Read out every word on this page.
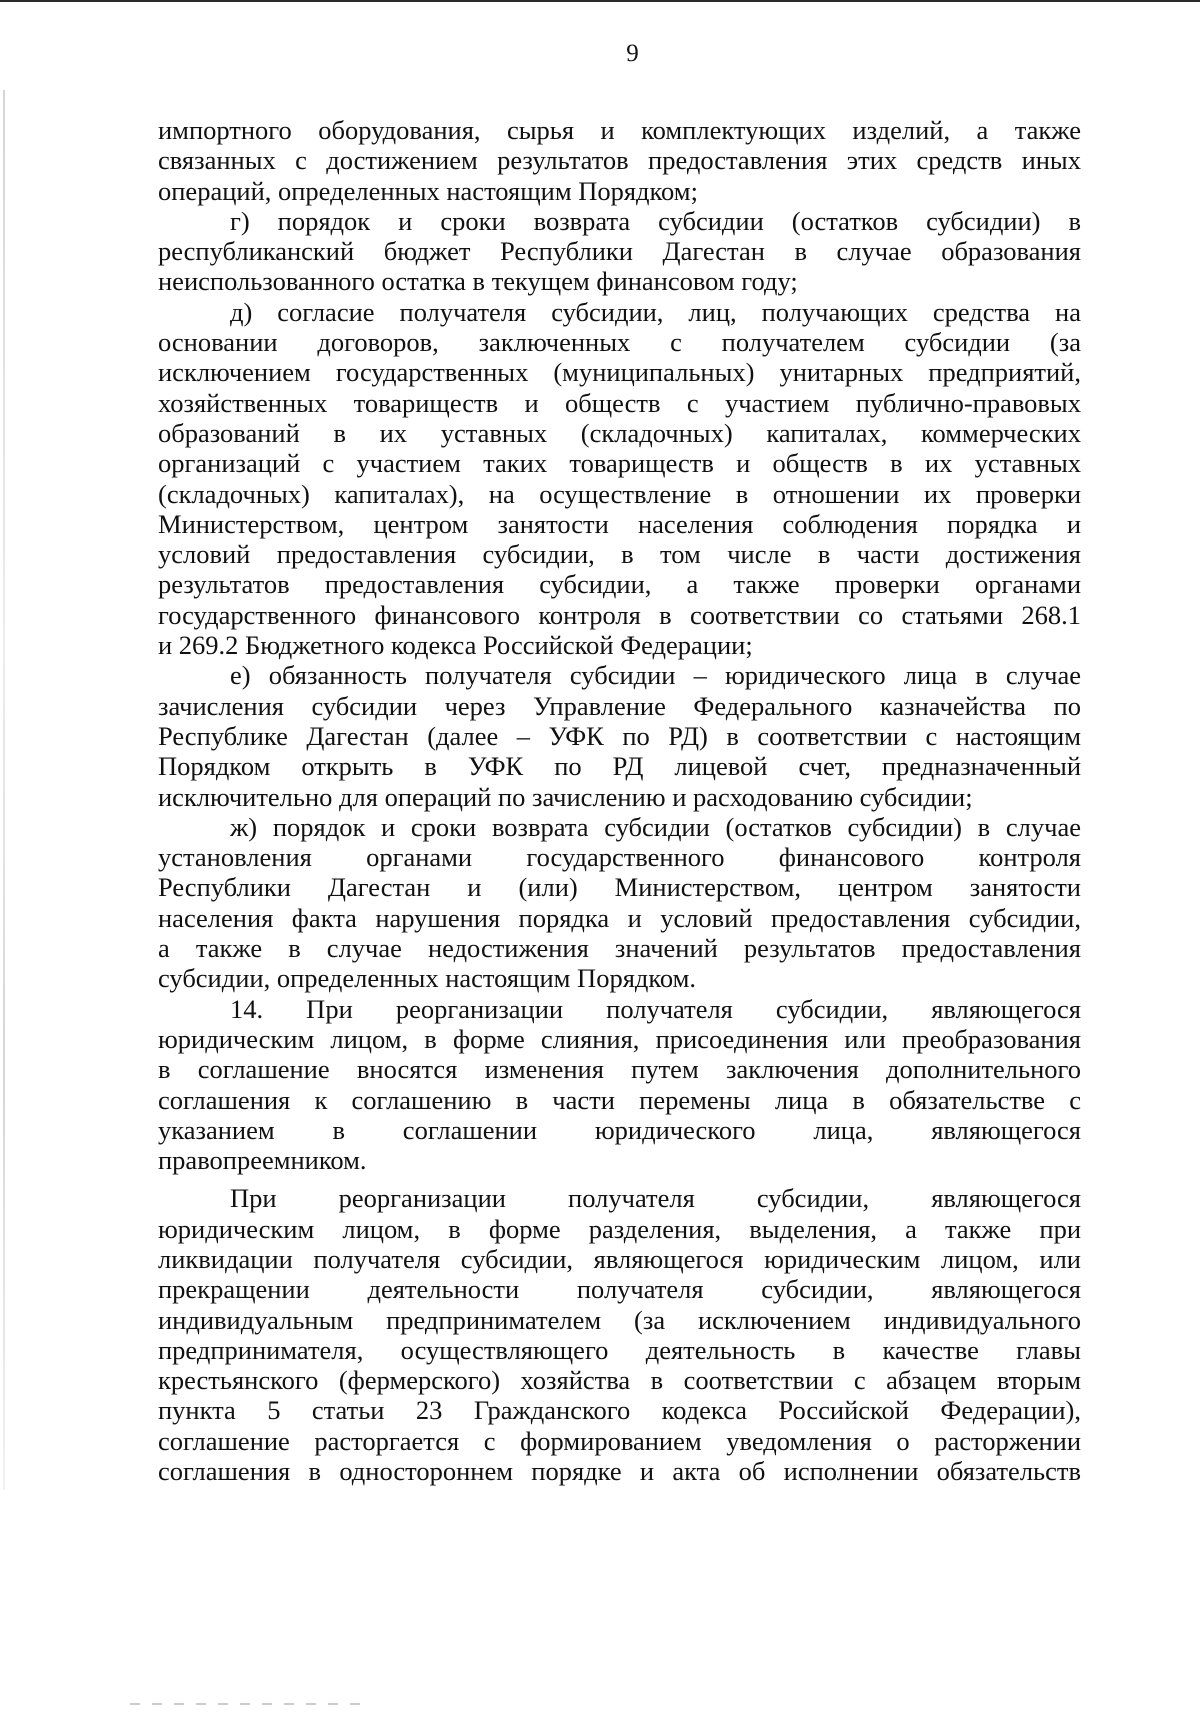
9
импортного оборудования, сырья и комплектующих изделий, а также
связанных с достижением результатов предоставления этих средств иных
операций, определенных настоящим Порядком;
г) порядок и сроки возврата субсидии (остатков субсидии) в
республиканский бюджет Республики Дагестан в случае образования
неиспользованного остатка в текущем финансовом году;
д) согласие получателя субсидии, лиц, получающих средства на
основании договоров, заключенных с получателем субсидии (за
исключением государственных (муниципальных) унитарных предприятий,
хозяйственных товариществ и обществ с участием публично-правовых
образований в их уставных (складочных) капиталах, коммерческих
организаций с участием таких товариществ и обществ в их уставных
(складочных) капиталах), на осуществление в отношении их проверки
Министерством, центром занятости населения соблюдения порядка и
условий предоставления субсидии, в том числе в части достижения
результатов предоставления субсидии, а также проверки органами
государственного финансового контроля в соответствии со статьями 268.1
и 269.2 Бюджетного кодекса Российской Федерации;
е) обязанность получателя субсидии – юридического лица в случае
зачисления субсидии через Управление Федерального казначейства по
Республике Дагестан (далее – УФК по РД) в соответствии с настоящим
Порядком открыть в УФК по РД лицевой счет, предназначенный
исключительно для операций по зачислению и расходованию субсидии;
ж) порядок и сроки возврата субсидии (остатков субсидии) в случае
установления органами государственного финансового контроля
Республики Дагестан и (или) Министерством, центром занятости
населения факта нарушения порядка и условий предоставления субсидии,
а также в случае недостижения значений результатов предоставления
субсидии, определенных настоящим Порядком.
14. При реорганизации получателя субсидии, являющегося
юридическим лицом, в форме слияния, присоединения или преобразования
в соглашение вносятся изменения путем заключения дополнительного
соглашения к соглашению в части перемены лица в обязательстве с
указанием в соглашении юридического лица, являющегося
правопреемником.
При реорганизации получателя субсидии, являющегося
юридическим лицом, в форме разделения, выделения, а также при
ликвидации получателя субсидии, являющегося юридическим лицом, или
прекращении деятельности получателя субсидии, являющегося
индивидуальным предпринимателем (за исключением индивидуального
предпринимателя, осуществляющего деятельность в качестве главы
крестьянского (фермерского) хозяйства в соответствии с абзацем вторым
пункта 5 статьи 23 Гражданского кодекса Российской Федерации),
соглашение расторгается с формированием уведомления о расторжении
соглашения в одностороннем порядке и акта об исполнении обязательств
